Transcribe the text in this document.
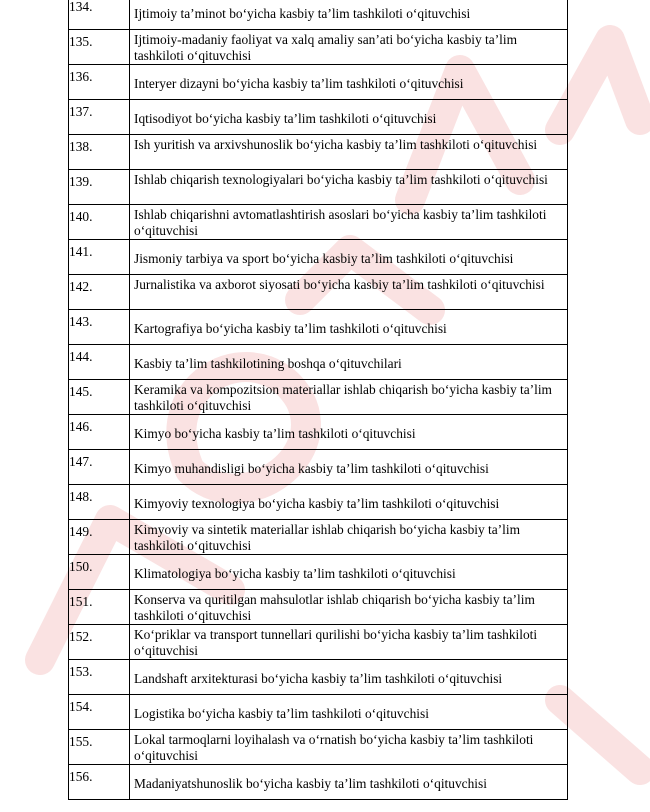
134.	Ijtimoiy ta’minot bo‘yicha kasbiy ta’lim tashkiloti o‘qituvchisi

135.	Ijtimoiy-madaniy faoliyat va xalq amaliy san’ati bo‘yicha kasbiy ta’lim tashkiloti o‘qituvchisi

136.	Interyer dizayni bo‘yicha kasbiy ta’lim tashkiloti o‘qituvchisi

137.	Iqtisodiyot bo‘yicha kasbiy ta’lim tashkiloti o‘qituvchisi

138.	Ish yuritish va arxivshunoslik bo‘yicha kasbiy ta’lim tashkiloti o‘qituvchisi

139.	Ishlab chiqarish texnologiyalari bo‘yicha kasbiy ta’lim tashkiloti o‘qituvchisi

140.	Ishlab chiqarishni avtomatlashtirish asoslari bo‘yicha kasbiy ta’lim tashkiloti o‘qituvchisi

141.	Jismoniy tarbiya va sport bo‘yicha kasbiy ta’lim tashkiloti o‘qituvchisi

142.	Jurnalistika va axborot siyosati bo‘yicha kasbiy ta’lim tashkiloti o‘qituvchisi

143.	Kartografiya bo‘yicha kasbiy ta’lim tashkiloti o‘qituvchisi

144.	Kasbiy ta’lim tashkilotining boshqa o‘qituvchilari

145.	Keramika va kompozitsion materiallar ishlab chiqarish bo‘yicha kasbiy ta’lim tashkiloti o‘qituvchisi

146.	Kimyo bo‘yicha kasbiy ta’lim tashkiloti o‘qituvchisi

147.	Kimyo muhandisligi bo‘yicha kasbiy ta’lim tashkiloti o‘qituvchisi

148.	Kimyoviy texnologiya bo‘yicha kasbiy ta’lim tashkiloti o‘qituvchisi

149.	Kimyoviy va sintetik materiallar ishlab chiqarish bo‘yicha kasbiy ta’lim tashkiloti o‘qituvchisi

150.	Klimatologiya bo‘yicha kasbiy ta’lim tashkiloti o‘qituvchisi

151.	Konserva va quritilgan mahsulotlar ishlab chiqarish bo‘yicha kasbiy ta’lim tashkiloti o‘qituvchisi

152.	Ko‘priklar va transport tunnellari qurilishi bo‘yicha kasbiy ta’lim tashkiloti o‘qituvchisi

153.	Landshaft arxitekturasi bo‘yicha kasbiy ta’lim tashkiloti o‘qituvchisi

154.	Logistika bo‘yicha kasbiy ta’lim tashkiloti o‘qituvchisi

155.	Lokal tarmoqlarni loyihalash va o‘rnatish bo‘yicha kasbiy ta’lim tashkiloti o‘qituvchisi

156.	Madaniyatshunoslik bo‘yicha kasbiy ta’lim tashkiloti o‘qituvchisi
